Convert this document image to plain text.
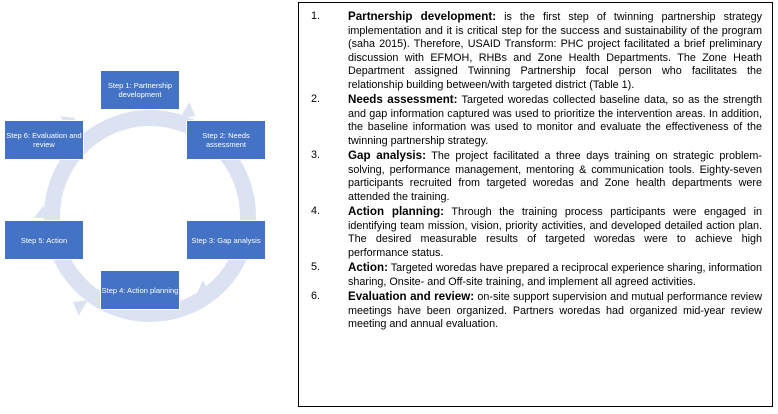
Step 1: Partnership development
Step 2: Needs assessment
Step 3: Gap analysis
Step 4: Action planning
Step 5: Action
Step 6: Evaluation and review
1. Partnership development: is the first step of twinning partnership strategy implementation and it is critical step for the success and sustainability of the program (saha 2015). Therefore, USAID Transform: PHC project facilitated a brief preliminary discussion with EFMOH, RHBs and Zone Health Departments. The Zone Heath Department assigned Twinning Partnership focal person who facilitates the relationship building between/with targeted district (Table 1).
2. Needs assessment: Targeted woredas collected baseline data, so as the strength and gap information captured was used to prioritize the intervention areas. In addition, the baseline information was used to monitor and evaluate the effectiveness of the twinning partnership strategy.
3. Gap analysis: The project facilitated a three days training on strategic problem-solving, performance management, mentoring & communication tools. Eighty-seven participants recruited from targeted woredas and Zone health departments were attended the training.
4. Action planning: Through the training process participants were engaged in identifying team mission, vision, priority activities, and developed detailed action plan. The desired measurable results of targeted woredas were to achieve high performance status.
5. Action: Targeted woredas have prepared a reciprocal experience sharing, information sharing, Onsite- and Off-site training, and implement all agreed activities.
6. Evaluation and review: on-site support supervision and mutual performance review meetings have been organized. Partners woredas had organized mid-year review meeting and annual evaluation.
